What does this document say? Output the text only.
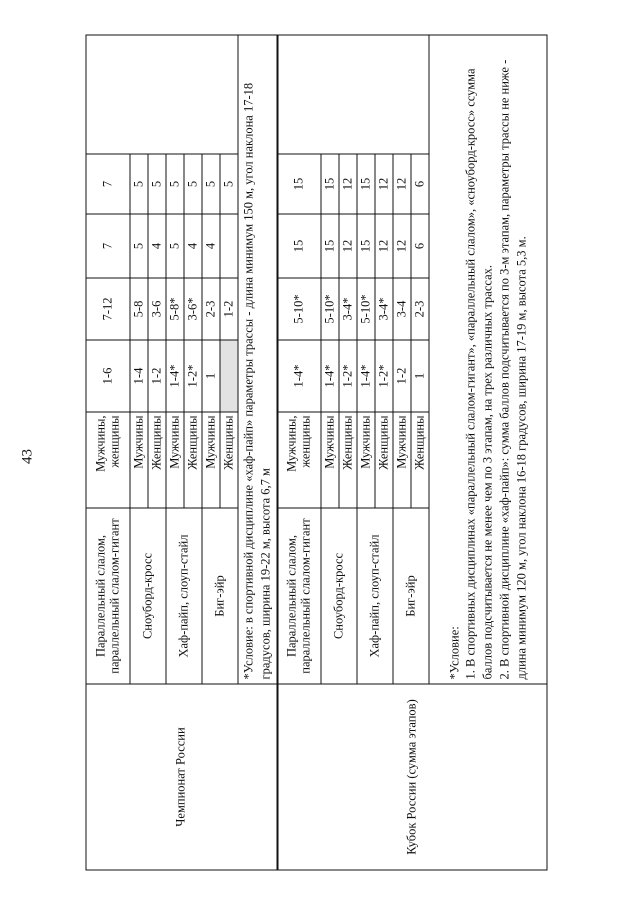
43
Чемпионат России	Параллельный слалом, параллельный слалом-гигант	Мужчины, женщины	1-6	7-12	7	7	
	Сноуборд-кросс	Мужчины	1-4	5-8	5	5	
		Женщины	1-2	3-6	4	5	
	Хаф-пайп, слоуп-стайл	Мужчины	1-4*	5-8*	5	5	
		Женщины	1-2*	3-6*	4	5	
	Биг-эйр	Мужчины	1	2-3	4	5	
		Женщины		1-2		5	
	*Условие: в спортивной дисциплине «хаф-пайп» параметры трассы - длина минимум 150 м, угол наклона 17-18 градусов, ширина 19-22 м, высота 6,7 м						
Кубок России (сумма этапов)	Параллельный слалом, параллельный слалом-гигант	Мужчины, женщины	1-4*	5-10*	15	15	
	Сноуборд-кросс	Мужчины	1-4*	5-10*	15	15	
		Женщины	1-2*	3-4*	12	12	
	Хаф-пайп, слоуп-стайл	Мужчины	1-4*	5-10*	15	15	
		Женщины	1-2*	3-4*	12	12	
	Биг-эйр	Мужчины	1-2	3-4	12	12	
		Женщины	1	2-3	6	6	

	*Условие: 1. В спортивных дисциплинах «параллельный слалом-гигант», «параллельный слалом», «сноуборд-кросс» ссумма баллов подсчитывается не менее чем по 3 этапам, на трех различных трассах. 2. В спортивной дисциплине «хаф-пайп»: сумма баллов подсчитывается по 3-м этапам, параметры трассы не ниже - длина минимум 120 м, угол наклона 16-18 градусов, ширина 17-19 м, высота 5,3 м.						
